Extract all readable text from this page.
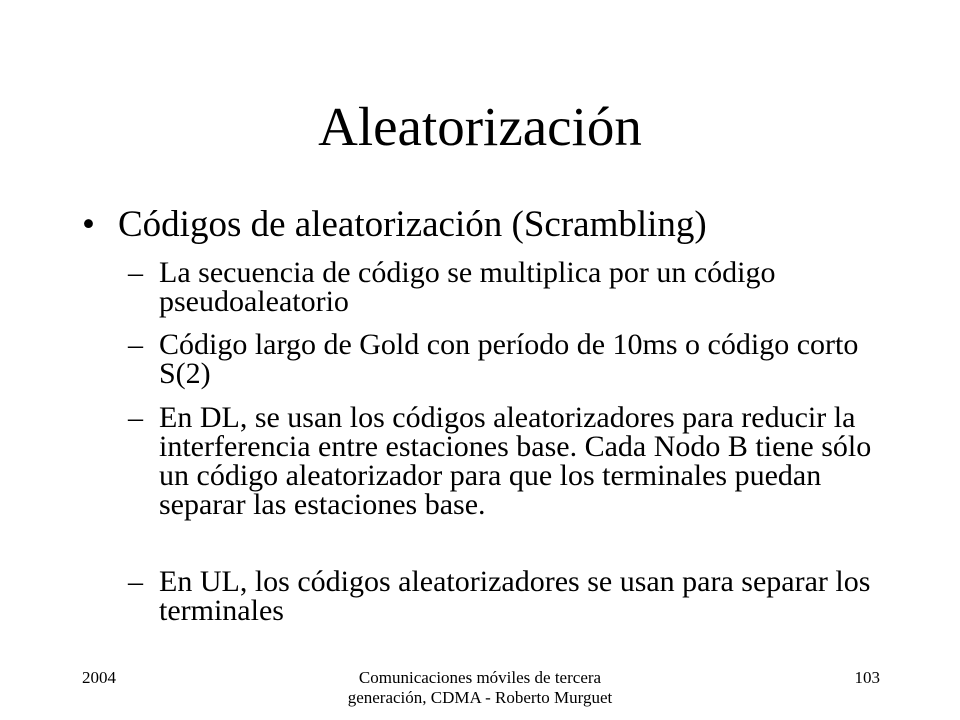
Aleatorización
• Códigos de aleatorización (Scrambling)
– La secuencia de código se multiplica por un código pseudoaleatorio
– Código largo de Gold con período de 10ms o código corto S(2)
– En DL, se usan los códigos aleatorizadores para reducir la interferencia entre estaciones base. Cada Nodo B tiene sólo un código aleatorizador para que los terminales puedan separar las estaciones base.
– En UL, los códigos aleatorizadores se usan para separar los terminales
2004	Comunicaciones móviles de tercera generación, CDMA - Roberto Murguet
103
